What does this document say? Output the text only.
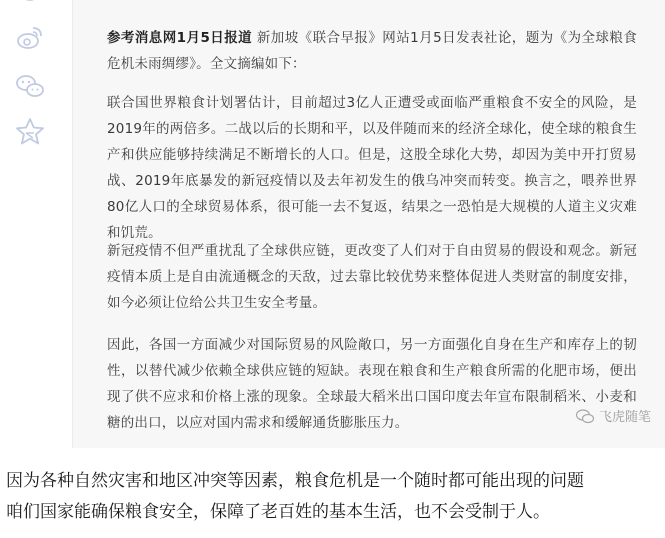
参考消息网1月5日报道 新加坡《联合早报》网站1月5日发表社论，题为《为全球粮食危机未雨绸缪》。全文摘编如下：

联合国世界粮食计划署估计，目前超过3亿人正遭受或面临严重粮食不安全的风险，是2019年的两倍多。二战以后的长期和平，以及伴随而来的经济全球化，使全球的粮食生产和供应能够持续满足不断增长的人口。但是，这股全球化大势，却因为美中开打贸易战、2019年底暴发的新冠疫情以及去年初发生的俄乌冲突而转变。换言之，喂养世界80亿人口的全球贸易体系，很可能一去不复返，结果之一恐怕是大规模的人道主义灾难和饥荒。

新冠疫情不但严重扰乱了全球供应链，更改变了人们对于自由贸易的假设和观念。新冠疫情本质上是自由流通概念的天敌，过去靠比较优势来整体促进人类财富的制度安排，如今必须让位给公共卫生安全考量。

因此，各国一方面减少对国际贸易的风险敞口，另一方面强化自身在生产和库存上的韧性，以替代减少依赖全球供应链的短缺。表现在粮食和生产粮食所需的化肥市场，便出现了供不应求和价格上涨的现象。全球最大稻米出口国印度去年宣布限制稻米、小麦和糖的出口，以应对国内需求和缓解通货膨胀压力。	飞虎随笔

因为各种自然灾害和地区冲突等因素，粮食危机是一个随时都可能出现的问题

咱们国家能确保粮食安全，保障了老百姓的基本生活，也不会受制于人。
